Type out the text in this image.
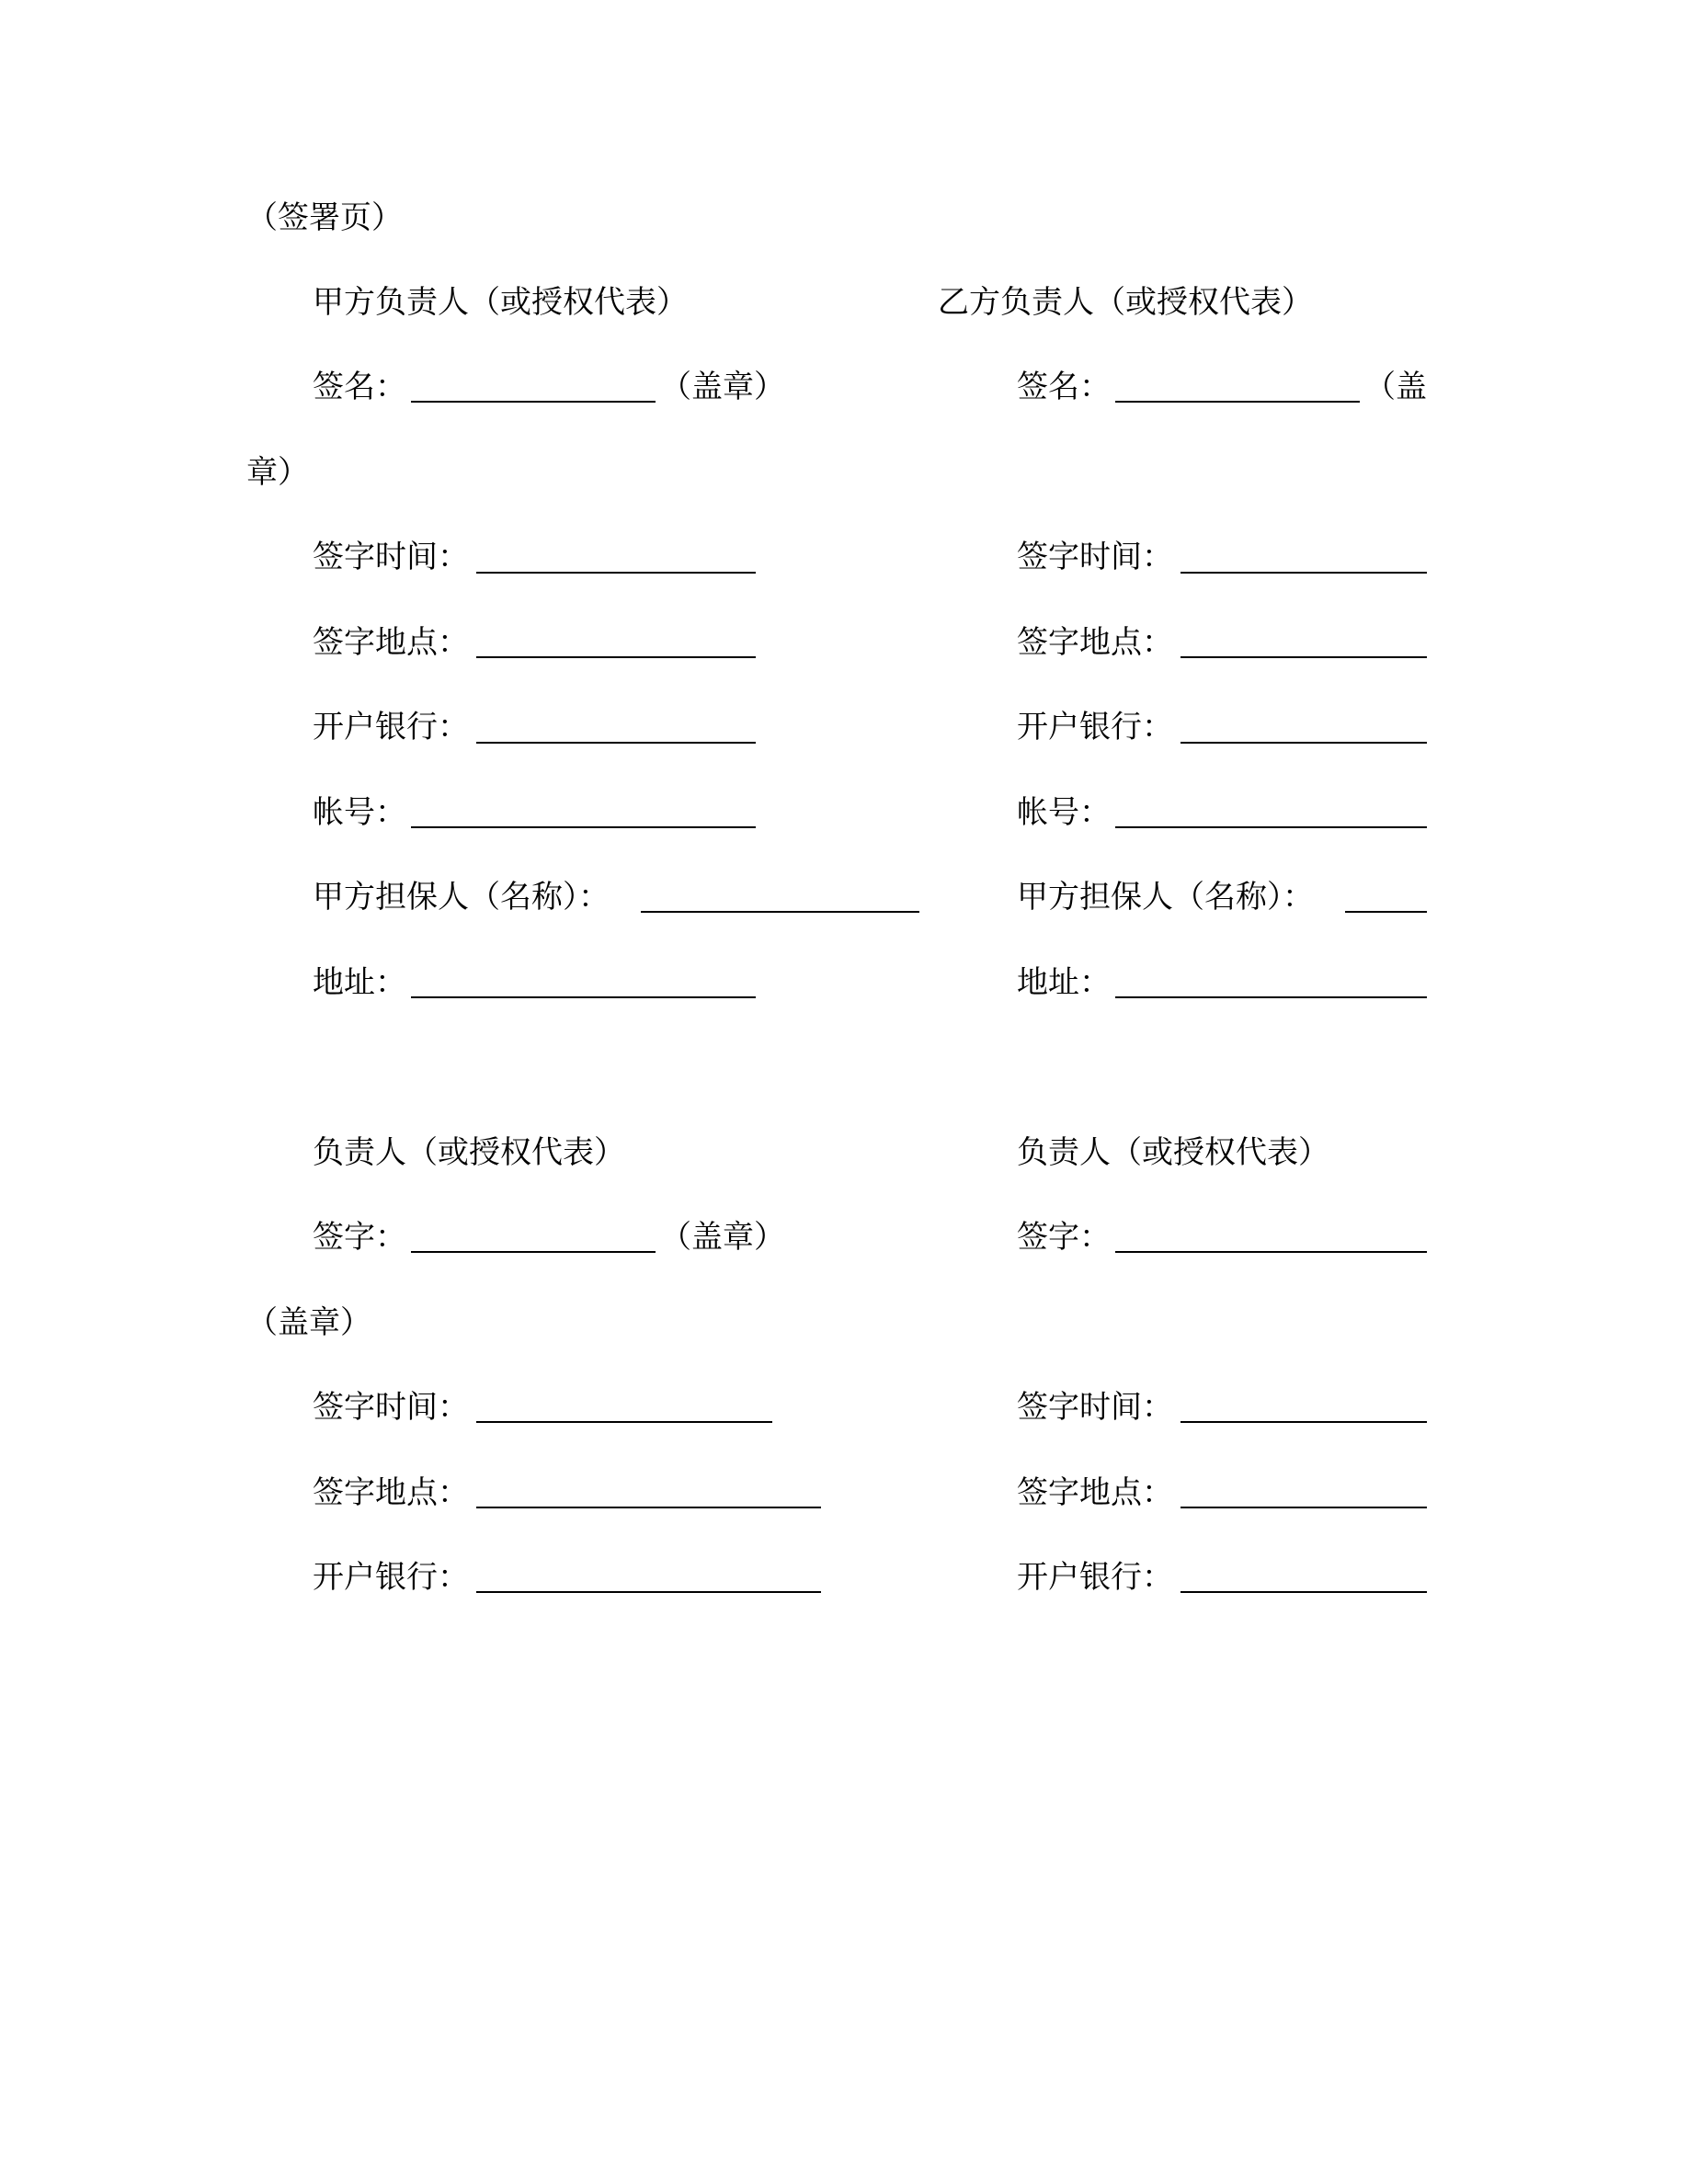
（签署页）
甲方负责人（或授权代表）
签名：	（盖章）
章）
签字时间：
签字地点：
开户银行：
帐号：
甲方担保人（名称）：
地址：
乙方负责人（或授权代表）
签名：	（盖
签字时间：
签字地点：
开户银行：
帐号：
甲方担保人（名称）：
地址：
负责人（或授权代表）
签字：	（盖章）
（盖章）
签字时间：
签字地点：
开户银行：
负责人（或授权代表）
签字：
签字时间：
签字地点：
开户银行：
